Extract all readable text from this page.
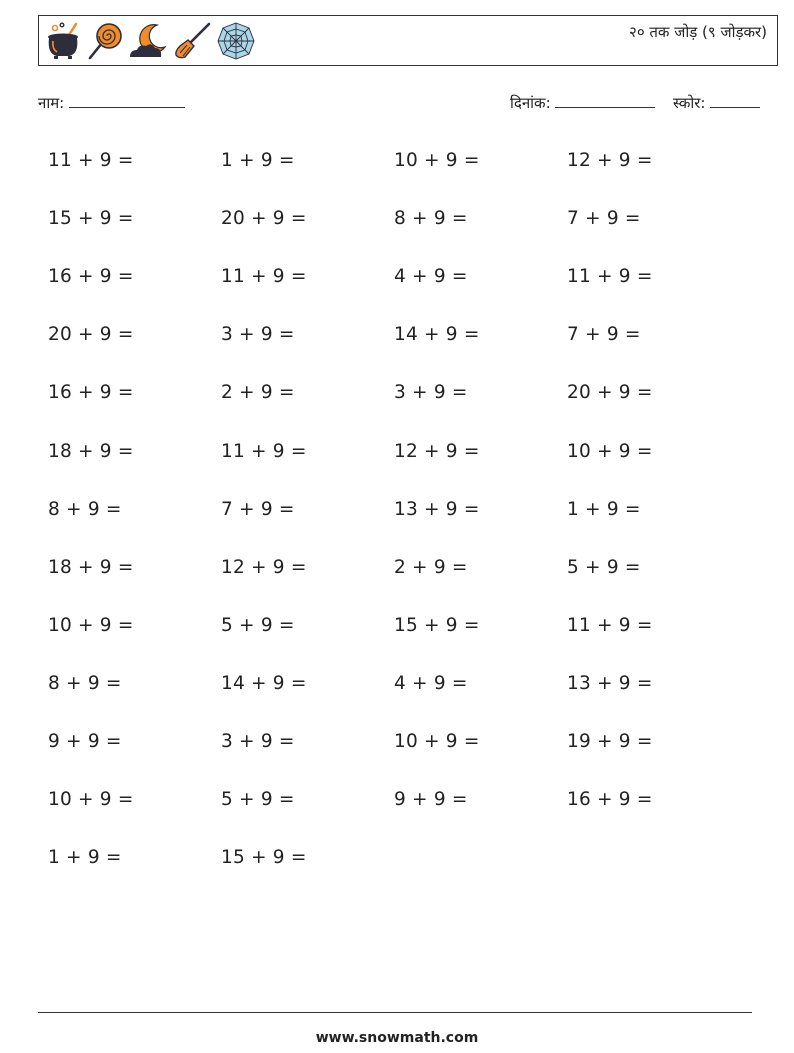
२० तक जोड़ (९ जोड़कर)
नाम:	दिनांक:	स्कोर:
11 + 9 =	1 + 9 =	10 + 9 =	12 + 9 =
15 + 9 =	20 + 9 =	8 + 9 =	7 + 9 =
16 + 9 =	11 + 9 =	4 + 9 =	11 + 9 =
20 + 9 =	3 + 9 =	14 + 9 =	7 + 9 =
16 + 9 =	2 + 9 =	3 + 9 =	20 + 9 =
18 + 9 =	11 + 9 =	12 + 9 =	10 + 9 =
8 + 9 =	7 + 9 =	13 + 9 =	1 + 9 =
18 + 9 =	12 + 9 =	2 + 9 =	5 + 9 =
10 + 9 =	5 + 9 =	15 + 9 =	11 + 9 =
8 + 9 =	14 + 9 =	4 + 9 =	13 + 9 =
9 + 9 =	3 + 9 =	10 + 9 =	19 + 9 =
10 + 9 =	5 + 9 =	9 + 9 =	16 + 9 =
1 + 9 =	15 + 9 =
www.snowmath.com
